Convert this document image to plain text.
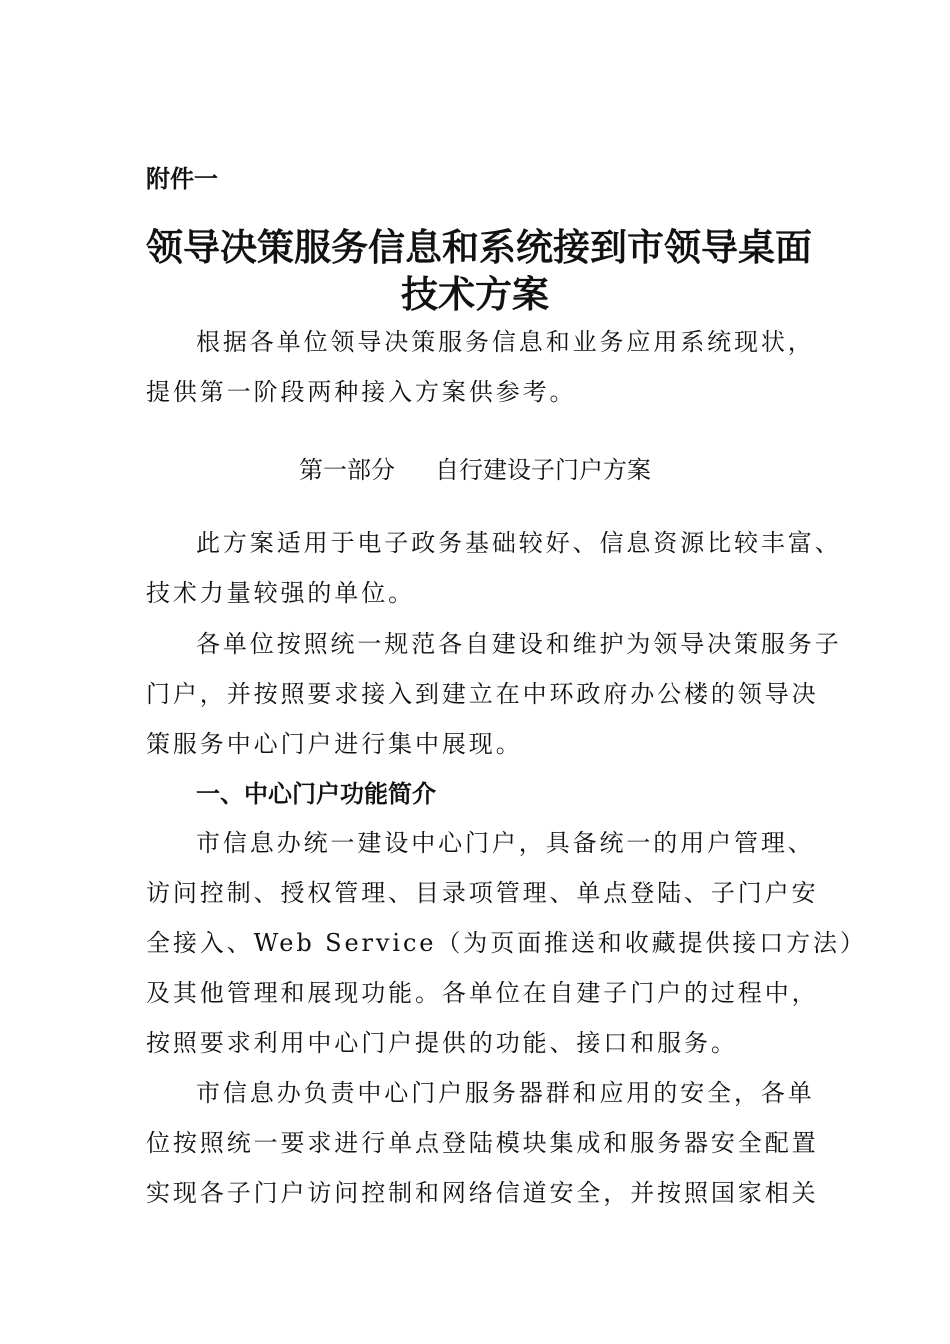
附件一
领导决策服务信息和系统接到市领导桌面
技术方案
根据各单位领导决策服务信息和业务应用系统现状，
提供第一阶段两种接入方案供参考。
第一部分 自行建设子门户方案
此方案适用于电子政务基础较好、信息资源比较丰富、
技术力量较强的单位。
各单位按照统一规范各自建设和维护为领导决策服务子
门户，并按照要求接入到建立在中环政府办公楼的领导决
策服务中心门户进行集中展现。
一、中心门户功能简介
市信息办统一建设中心门户，具备统一的用户管理、
访问控制、授权管理、目录项管理、单点登陆、子门户安
全接入、Web Service（为页面推送和收藏提供接口方法）
及其他管理和展现功能。各单位在自建子门户的过程中，
按照要求利用中心门户提供的功能、接口和服务。
市信息办负责中心门户服务器群和应用的安全，各单
位按照统一要求进行单点登陆模块集成和服务器安全配置
实现各子门户访问控制和网络信道安全，并按照国家相关
